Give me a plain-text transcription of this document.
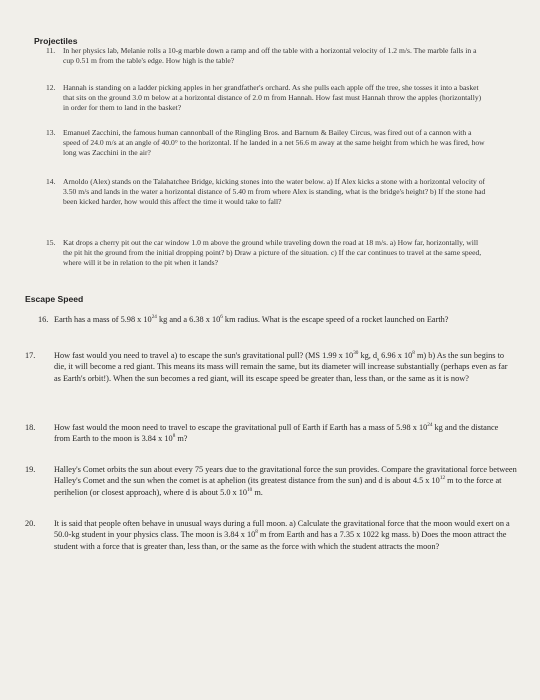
Projectiles
11.	In her physics lab, Melanie rolls a 10-g marble down a ramp and off the table with a horizontal velocity of 1.2 m/s. The marble falls in a cup 0.51 m from the table's edge. How high is the table?
12. Hannah is standing on a ladder picking apples in her grandfather's orchard. As she pulls each apple off the tree, she tosses it into a basket that sits on the ground 3.0 m below at a horizontal distance of 2.0 m from Hannah. How fast must Hannah throw the apples (horizontally) in order for them to land in the basket?
13. Emanuel Zacchini, the famous human cannonball of the Ringling Bros. and Barnum & Bailey Circus, was fired out of a cannon with a speed of 24.0 m/s at an angle of 40.0° to the horizontal. If he landed in a net 56.6 m away at the same height from which he was fired, how long was Zacchini in the air?
14. Arnoldo (Alex) stands on the Talahatchee Bridge, kicking stones into the water below. a) If Alex kicks a stone with a horizontal velocity of 3.50 m/s and lands in the water a horizontal distance of 5.40 m from where Alex is standing, what is the bridge's height? b) If the stone had been kicked harder, how would this affect the time it would take to fall?
15. Kat drops a cherry pit out the car window 1.0 m above the ground while traveling down the road at 18 m/s. a) How far, horizontally, will the pit hit the ground from the initial dropping point? b) Draw a picture of the situation. c) If the car continues to travel at the same speed, where will it be in relation to the pit when it lands?
Escape Speed
16. Earth has a mass of 5.98 x $10^{24}$ kg and a 6.38 x $10^6$ km radius. What is the escape speed of a rocket launched on Earth?
17.	How fast would you need to travel a) to escape the sun's gravitational pull? (MS 1.99 x $10^{30}$ kg, $d_s$ 6.96 x $10^8$ m) b) As the sun begins to die, it will become a red giant. This means its mass will remain the same, but its diameter will increase substantially (perhaps even as far as Earth's orbit!). When the sun becomes a red giant, will its escape speed be greater than, less than, or the same as it is now?
18.	How fast would the moon need to travel to escape the gravitational pull of Earth if Earth has a mass of 5.98 x $10^{24}$ kg and the distance from Earth to the moon is 3.84 x $10^8$ m?
19.	Halley's Comet orbits the sun about every 75 years due to the gravitational force the sun provides. Compare the gravitational force between Halley's Comet and the sun when the comet is at aphelion (its greatest distance from the sun) and d is about 4.5 x $10^{12}$ m to the force at perihelion (or closest approach), where d is about 5.0 x $10^{10}$ m.
20.	It is said that people often behave in unusual ways during a full moon. a) Calculate the gravitational force that the moon would exert on a 50.0-kg student in your physics class. The moon is 3.84 x $10^8$ m from Earth and has a 7.35 x 1022 kg mass. b) Does the moon attract the student with a force that is greater than, less than, or the same as the force with which the student attracts the moon?
